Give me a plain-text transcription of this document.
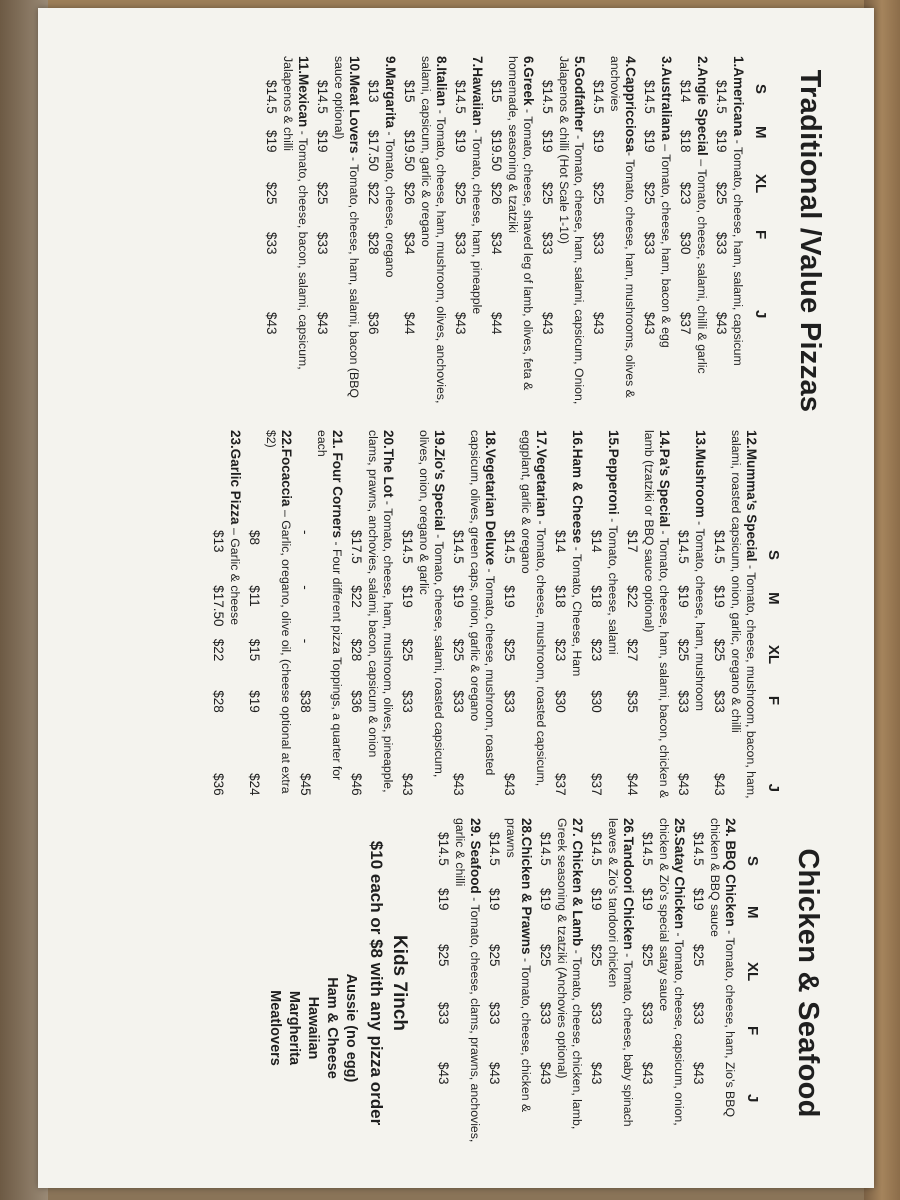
Traditional /Value Pizzas
S
M
XL
F
J
1.Americana - Tomato, cheese, ham, salami, capsicum
$14.5
$19
$25
$33
$43
2.Angie Special – Tomato, cheese, salami, chilli & garlic
$14
$18
$23
$30
$37
3.Australiana – Tomato, cheese, ham, bacon & egg
$14.5
$19
$25
$33
$43
4.Cappricciosa- Tomato, cheese, ham, mushrooms, olives & anchovies
$14.5
$19
$25
$33
$43
5.Godfather - Tomato, cheese, ham, salami, capsicum, Onion, Jalapenos & chilli (Hot Scale 1-10)
$14.5
$19
$25
$33
$43
6.Greek - Tomato, cheese, shaved leg of lamb, olives, feta & homemade, seasoning & tzatziki
$15
$19.50
$26
$34
$44
7.Hawaiian - Tomato, cheese, ham, pineapple
$14.5
$19
$25
$33
$43
8.Italian - Tomato, cheese, ham, mushroom, olives, anchovies, salami, capsicum, garlic & oregano
$15
$19.50
$26
$34
$44
9.Margarita - Tomato, cheese, oregano
$13
$17.50
$22
$28
$36
10.Meat Lovers - Tomato, cheese, ham, salami, bacon (BBQ sauce optional)
$14.5
$19
$25
$33
$43
11.Mexican - Tomato, cheese, bacon, salami, capsicum, Jalapenos & chilli
$14.5
$19
$25
$33
$43
S
M
XL
F
J
12.Mumma’s Special - Tomato, cheese, mushroom, bacon, ham, salami, roasted capsicum, onion, garlic, oregano & chilli
$14.5
$19
$25
$33
$43
13.Mushroom - Tomato, cheese, ham, mushroom
$14.5
$19
$25
$33
$43
14.Pa’s Special - Tomato, cheese, ham, salami, bacon, chicken & lamb (tzatziki or BBQ sauce optional)
$17
$22
$27
$35
$44
15.Pepperoni - Tomato, cheese, salami
$14
$18
$23
$30
$37
16.Ham & Cheese - Tomato, Cheese, Ham
$14
$18
$23
$30
$37
17.Vegetarian - Tomato, cheese, mushroom, roasted capsicum, eggplant, garlic & oregano
$14.5
$19
$25
$33
$43
18.Vegetarian Deluxe - Tomato, cheese, mushroom, roasted capsicum, olives, green caps, onion, garlic & oregano
$14.5
$19
$25
$33
$43
19.Zio’s Special - Tomato, cheese, salami, roasted capsicum, olives, onion, oregano & garlic
$14.5
$19
$25
$33
$43
20.The Lot - Tomato, cheese, ham, mushroom, olives, pineapple, clams, prawns, anchovies, salami, bacon, capsicum & onion
$17.5
$22
$28
$36
$46
21. Four Corners - Four different pizza Toppings, a quarter for each
-
-
-
$38
$45
22.Focaccia – Garlic, oregano, olive oil, (cheese optional at extra $2)
$8
$11
$15
$19
$24
23.Garlic Pizza – Garlic & cheese
$13
$17.50
$22
$28
$36
Chicken & Seafood
S
M
XL
F
J
24. BBQ Chicken - Tomato, cheese, ham, Zio’s BBQ chicken & BBQ sauce
$14.5
$19
$25
$33
$43
25.Satay Chicken - Tomato, cheese, capsicum, onion, chicken & Zio’s special satay sauce
$14.5
$19
$25
$33
$43
26.Tandoori Chicken - Tomato, cheese, baby spinach leaves & Zio’s tandoori chicken
$14.5
$19
$25
$33
$43
27. Chicken & Lamb - Tomato, cheese, chicken, lamb, Greek seasoning & tzatziki (Anchovies optional)
$14.5
$19
$25
$33
$43
28.Chicken & Prawns - Tomato, cheese, chicken & prawns
$14.5
$19
$25
$33
$43
29. Seafood - Tomato, cheese, clams, prawns, anchovies, garlic & chilli
$14.5
$19
$25
$33
$43
Kids 7inch
$10 each or $8 with any pizza order
Aussie (no egg)
Ham & Cheese
Hawaiian
Margherita
Meatlovers
